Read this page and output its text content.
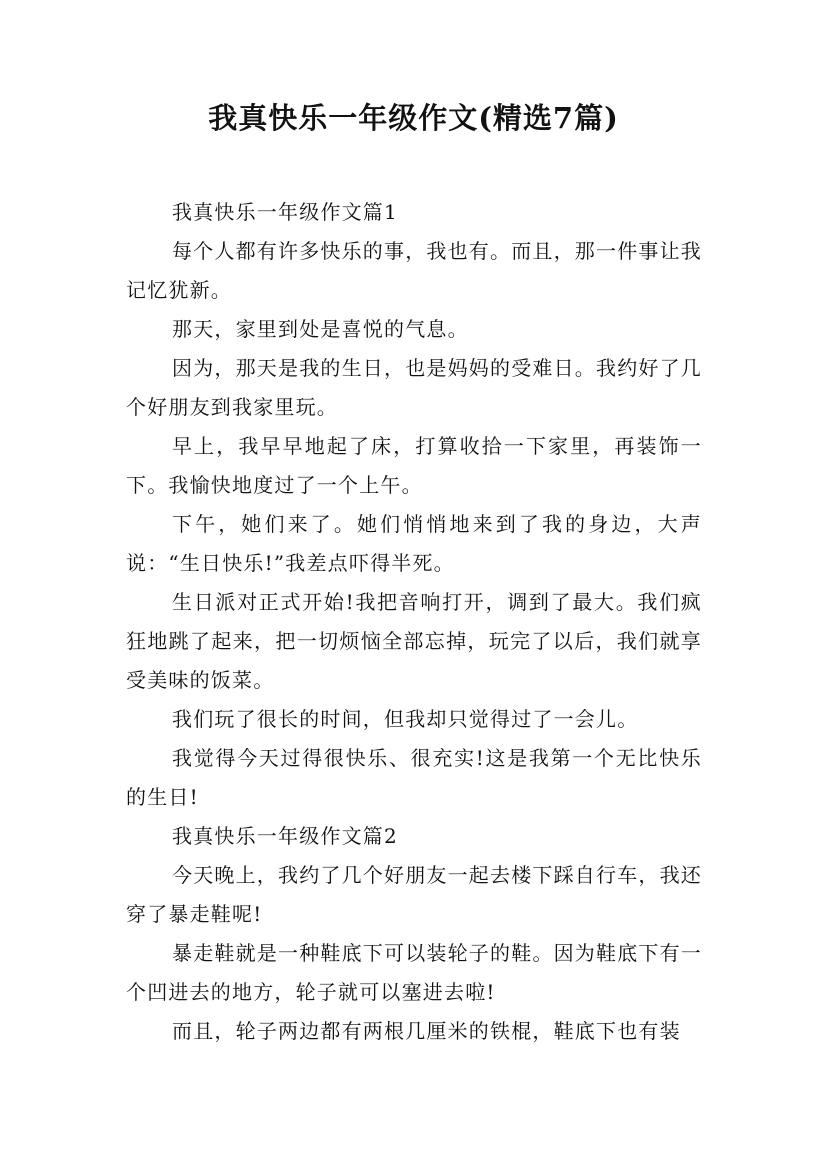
我真快乐一年级作文(精选7篇)

我真快乐一年级作文篇1

每个人都有许多快乐的事，我也有。而且，那一件事让我记忆犹新。

那天，家里到处是喜悦的气息。

因为，那天是我的生日，也是妈妈的受难日。我约好了几个好朋友到我家里玩。

早上，我早早地起了床，打算收拾一下家里，再装饰一下。我愉快地度过了一个上午。

下午，她们来了。她们悄悄地来到了我的身边，大声说：“生日快乐!”我差点吓得半死。

生日派对正式开始!我把音响打开，调到了最大。我们疯狂地跳了起来，把一切烦恼全部忘掉，玩完了以后，我们就享受美味的饭菜。

我们玩了很长的时间，但我却只觉得过了一会儿。

我觉得今天过得很快乐、很充实!这是我第一个无比快乐的生日!

我真快乐一年级作文篇2

今天晚上，我约了几个好朋友一起去楼下踩自行车，我还穿了暴走鞋呢!

暴走鞋就是一种鞋底下可以装轮子的鞋。因为鞋底下有一个凹进去的地方，轮子就可以塞进去啦!

而且，轮子两边都有两根几厘米的铁棍，鞋底下也有装
